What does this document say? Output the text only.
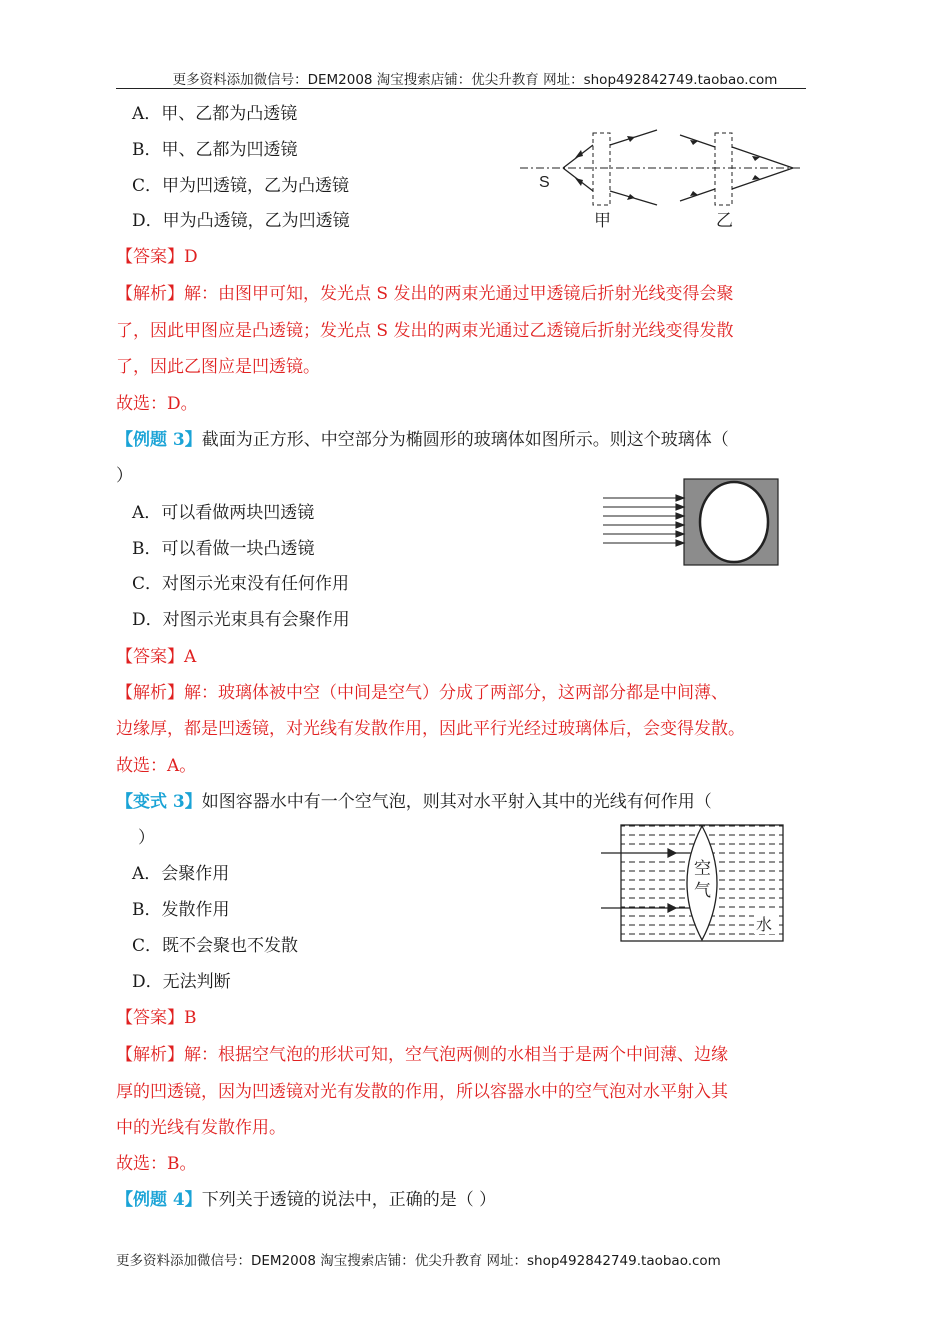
更多资料添加微信号：DEM2008 淘宝搜索店铺：优尖升教育 网址：shop492842749.taobao.com
A．甲、乙都为凸透镜
B．甲、乙都为凹透镜
C．甲为凹透镜，乙为凸透镜
D．甲为凸透镜，乙为凹透镜
S
甲	乙
【答案】D
【解析】解：由图甲可知，发光点 S 发出的两束光通过甲透镜后折射光线变得会聚
了，因此甲图应是凸透镜；发光点 S 发出的两束光通过乙透镜后折射光线变得发散
了，因此乙图应是凹透镜。
故选：D。
【例题 3】截面为正方形、中空部分为椭圆形的玻璃体如图所示。则这个玻璃体（
）
A．可以看做两块凹透镜
B．可以看做一块凸透镜
C．对图示光束没有任何作用
D．对图示光束具有会聚作用
【答案】A
【解析】解：玻璃体被中空（中间是空气）分成了两部分，这两部分都是中间薄、
边缘厚，都是凹透镜，对光线有发散作用，因此平行光经过玻璃体后，会变得发散。
故选：A。
【变式 3】如图容器水中有一个空气泡，则其对水平射入其中的光线有何作用（
）
A．会聚作用
B．发散作用
C．既不会聚也不发散
D．无法判断
空
气
水
【答案】B
【解析】解：根据空气泡的形状可知，空气泡两侧的水相当于是两个中间薄、边缘
厚的凹透镜，因为凹透镜对光有发散的作用，所以容器水中的空气泡对水平射入其
中的光线有发散作用。
故选：B。
【例题 4】下列关于透镜的说法中，正确的是（ ）
更多资料添加微信号：DEM2008 淘宝搜索店铺：优尖升教育 网址：shop492842749.taobao.com
